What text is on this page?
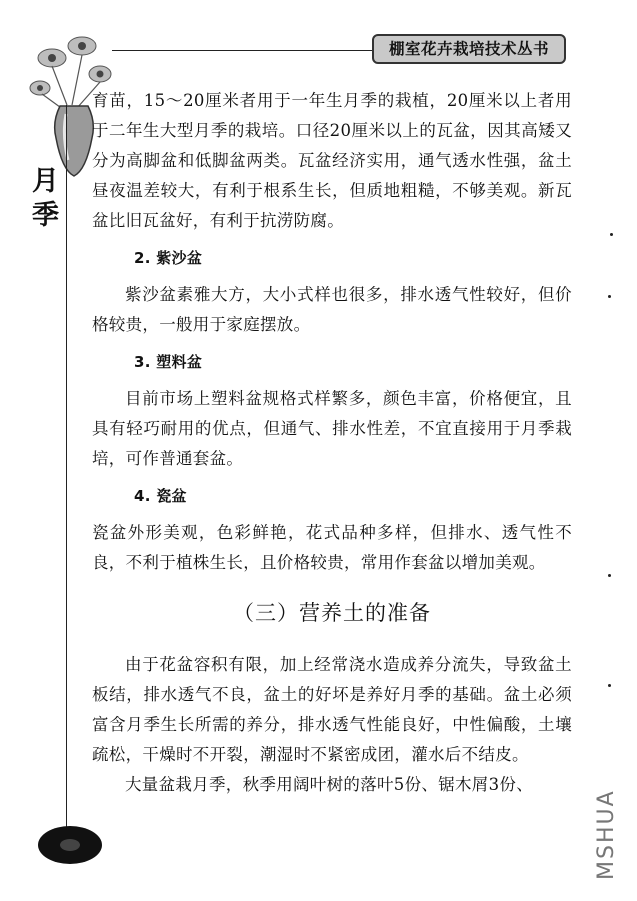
棚室花卉栽培技术丛书
月季

育苗，15～20厘米者用于一年生月季的栽植，20厘米以上者用于二年生大型月季的栽培。口径20厘米以上的瓦盆，因其高矮又分为高脚盆和低脚盆两类。瓦盆经济实用，通气透水性强，盆土昼夜温差较大，有利于根系生长，但质地粗糙，不够美观。新瓦盆比旧瓦盆好，有利于抗涝防腐。

2. 紫沙盆

紫沙盆素雅大方，大小式样也很多，排水透气性较好，但价格较贵，一般用于家庭摆放。

3. 塑料盆

目前市场上塑料盆规格式样繁多，颜色丰富，价格便宜，且具有轻巧耐用的优点，但通气、排水性差，不宜直接用于月季栽培，可作普通套盆。

4. 瓷盆

瓷盆外形美观，色彩鲜艳，花式品种多样，但排水、透气性不良，不利于植株生长，且价格较贵，常用作套盆以增加美观。

（三）营养土的准备

由于花盆容积有限，加上经常浇水造成养分流失，导致盆土板结，排水透气不良，盆土的好坏是养好月季的基础。盆土必须富含月季生长所需的养分，排水透气性能良好，中性偏酸，土壤疏松，干燥时不开裂，潮湿时不紧密成团，灌水后不结皮。

大量盆栽月季，秋季用阔叶树的落叶5份、锯木屑3份、

MSHUA
